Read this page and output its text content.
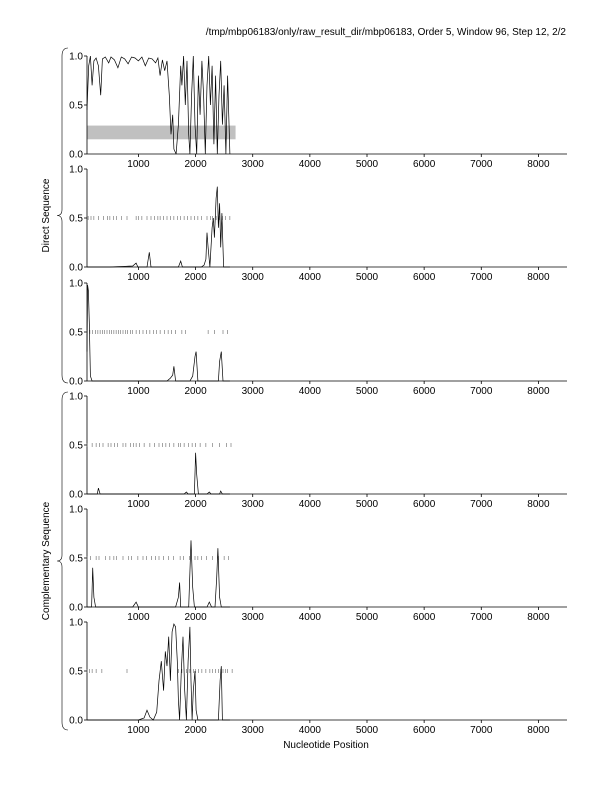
/tmp/mbp06183/only/raw_result_dir/mbp06183, Order 5, Window 96, Step 12, 2/2
0.0
0.5
1.0
1000	2000	3000	4000	5000	6000	7000	8000
0.0
0.5
1.0
1000	2000	3000	4000	5000	6000	7000	8000
0.0
0.5
1.0
1000	2000	3000	4000	5000	6000	7000	8000
0.0
0.5
1.0
1000	2000	3000	4000	5000	6000	7000	8000
0.0
0.5
1.0
1000	2000	3000	4000	5000	6000	7000	8000
0.0
0.5
1.0
1000	2000	3000	4000	5000	6000	7000	8000
Direct Sequence
Complementary Sequence
Nucleotide Position
